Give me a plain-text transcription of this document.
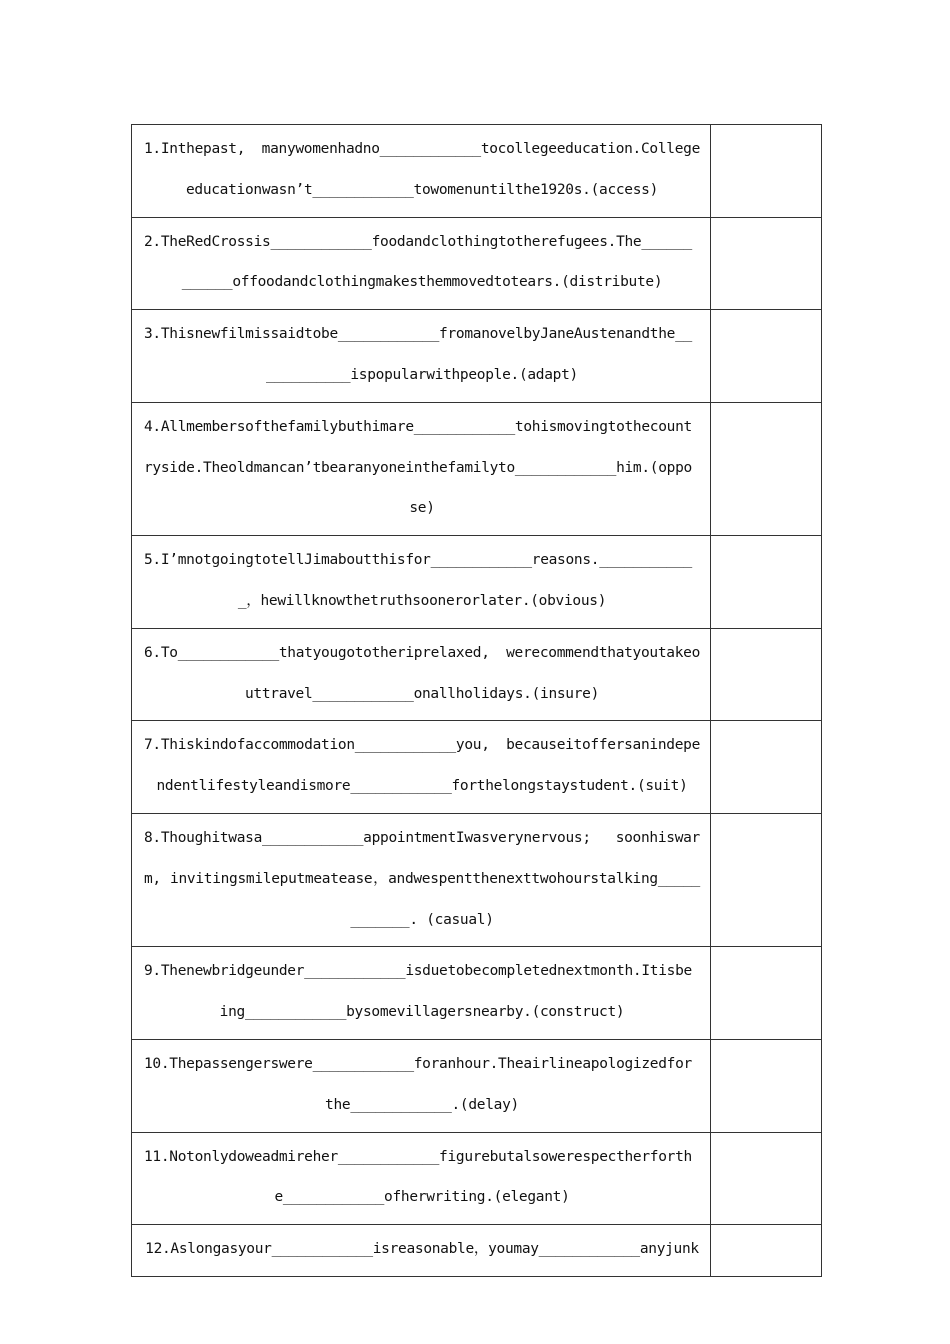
1.Inthepast, manywomenhadno____________tocollegeeducation.Collegeeducationwasn’t____________towomenuntilthe1920s.(access)	

2.TheRedCrossis____________foodandclothingtotherefugees.The____________offoodandclothingmakesthemmovedtotears.(distribute)	

3.Thisnewfilmissaidtobe____________fromanovelbyJaneAustenandthe____________ispopularwithpeople.(adapt)	

4.Allmembersofthefamilybuthimare____________tohismovingtothecountryside.Theoldmancan’tbearanyoneinthefamilyto____________him.(oppose)	

5.I’mnotgoingtotellJimaboutthisfor____________reasons.____________，hewillknowthetruthsoonerorlater.(obvious)	

6.To____________thatyougototheriprelaxed, werecommendthatyoutakeouttravel____________onallholidays.(insure)	

7.Thiskindofaccommodation____________you, becauseitoffersanindependentlifestyleandismore____________forthelongstaystudent.(suit)	

8.Thoughitwasa____________appointmentIwasverynervous; soonhiswarm, invitingsmileputmeatease，andwespentthenexttwohourstalking____________. (casual)	

9.Thenewbridgeunder____________isduetobecompletednextmonth.Itisbeing____________bysomevillagersnearby.(construct)	

10.Thepassengerswere____________foranhour.Theairlineapologizedforthe____________.(delay)	

11.Notonlydoweadmireher____________figurebutalsowerespectherforthe____________ofherwriting.(elegant)	

12.Aslongasyour____________isreasonable，youmay____________anyjunk	
